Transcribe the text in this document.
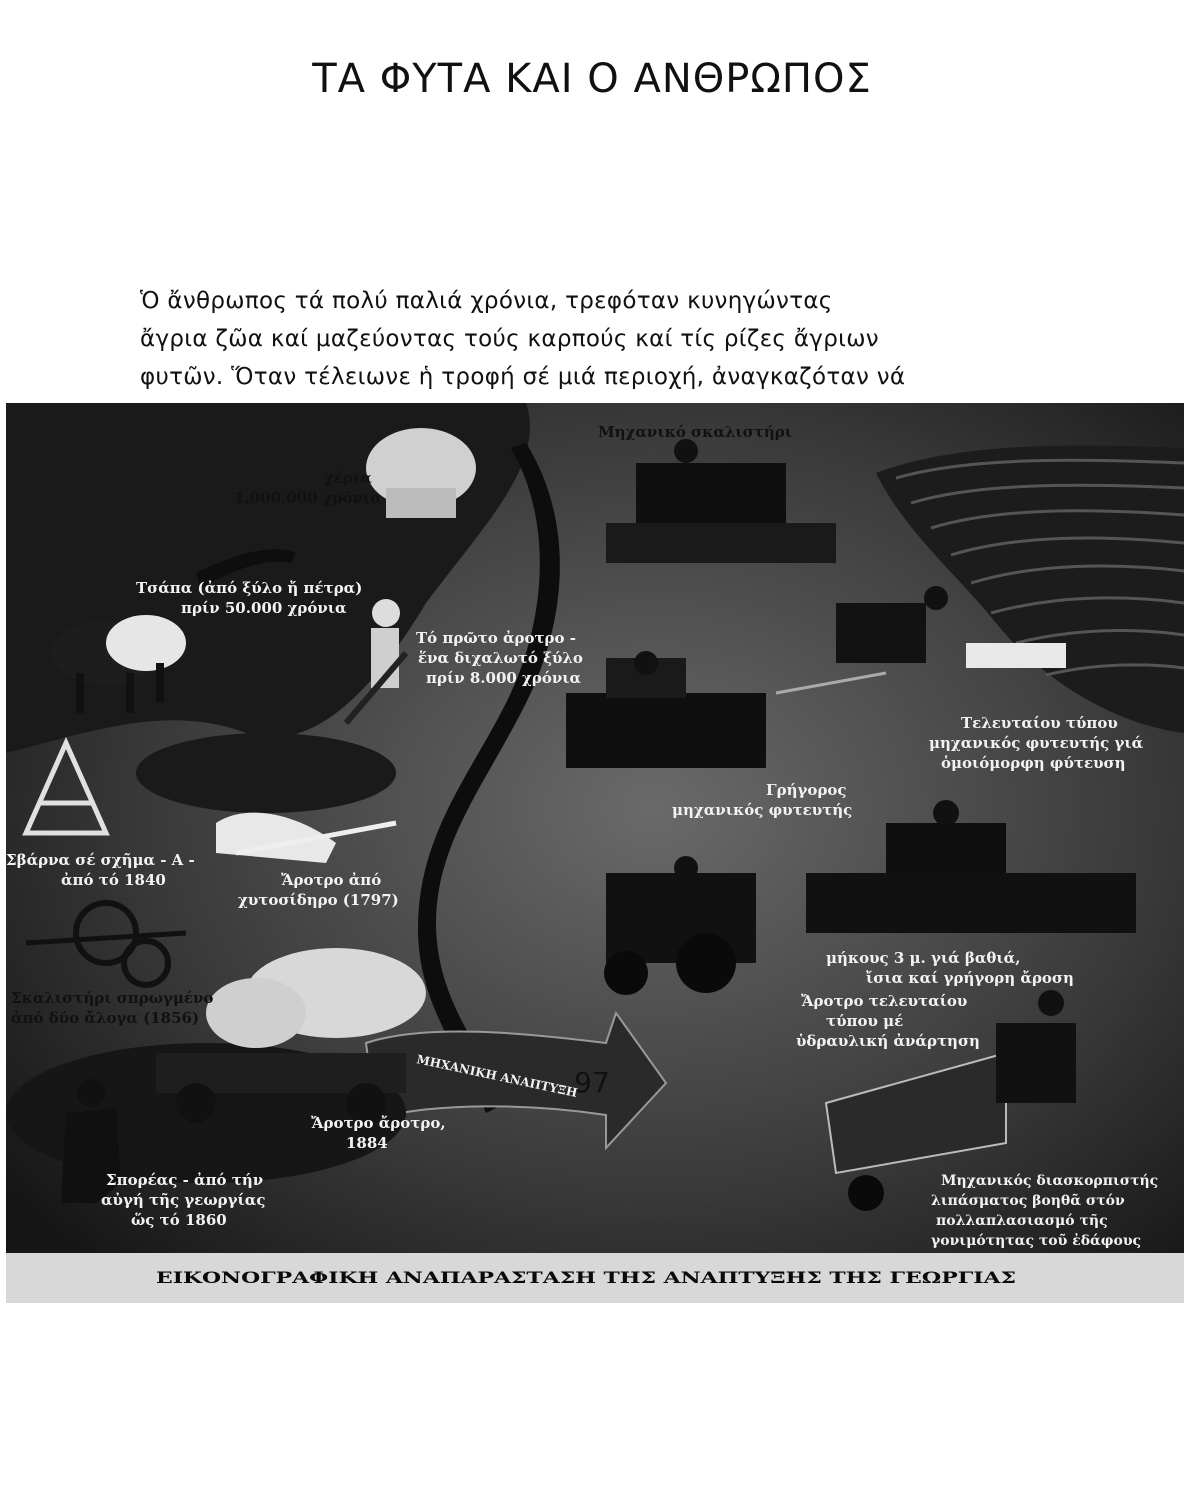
ΤΑ ΦΥΤΑ ΚΑΙ Ο ΑΝΘΡΩΠΟΣ
Ὁ ἄνθρωπος τά πολύ παλιά χρόνια, τρεφόταν κυνηγώντας
ἄγρια ζῶα καί μαζεύοντας τούς καρπούς καί τίς ρίζες ἄγριων
φυτῶν. Ὅταν τέλειωνε ἡ τροφή σέ μιά περιοχή, ἀναγκαζόταν νά
Μηχανικό σκαλιστήρι
χέρια
1.000.000 χρόνια
Τσάπα (ἀπό ξύλο ἤ πέτρα)
πρίν 50.000 χρόνια
Τό πρῶτο ἀροτρο -
ἕνα διχαλωτό ξύλο
πρίν 8.000 χρόνια
Τελευταίου τύπου
μηχανικός φυτευτής γιά
ὁμοιόμορφη φύτευση
Γρήγορος
μηχανικός φυτευτής
Σβάρνα σέ σχῆμα - Α -
ἀπό τό 1840	Ἄροτρο ἀπό
χυτοσίδηρο (1797)
μήκους 3 μ. γιά βαθιά,
ἴσια καί γρήγορη ἄροση
Σκαλιστήρι σπρωγμένο
ἀπό δύο ἄλογα (1856)
Ἄροτρο τελευταίου
τύπου μέ
ὑδραυλική ἀνάρτηση
ΜΗΧΑΝΙΚΗ ΑΝΑΠΤΥΞΗ
Ἄροτρο ἄροτρο,
1884
Σπορέας - ἀπό τήν
αὐγή τῆς γεωργίας
ὥς τό 1860
Μηχανικός διασκορπιστής
λιπάσματος βοηθᾶ στόν
πολλαπλασιασμό τῆς
γονιμότητας τοῦ ἐδάφους
ΕΙΚΟΝΟΓΡΑΦΙΚΗ ΑΝΑΠΑΡΑΣΤΑΣΗ ΤΗΣ ΑΝΑΠΤΥΞΗΣ ΤΗΣ ΓΕΩΡΓΙΑΣ
97
